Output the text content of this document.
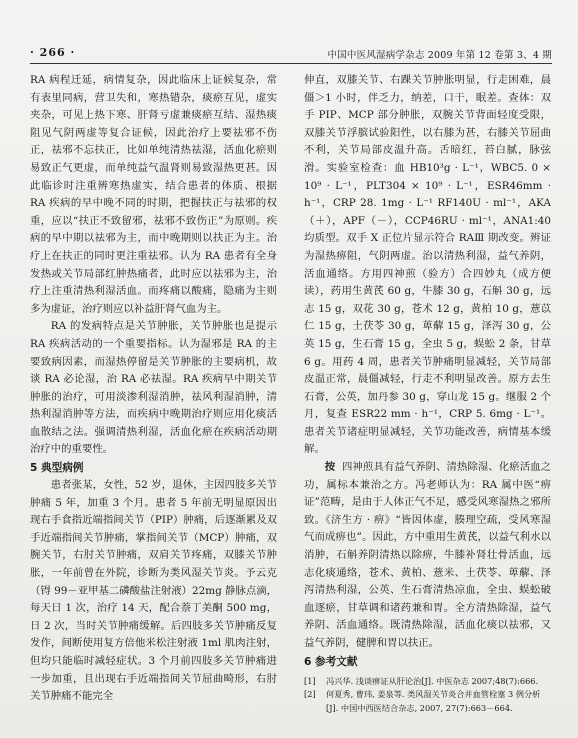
· 266 ·	中国中医风湿病学杂志 2009 年第 12 卷第 3、4 期

RA 病程迁延，病情复杂，因此临床上证候复杂，常有表里同病，营卫失和，寒热错杂，痰瘀互见，虚实夹杂，可见上热下寒、肝肾亏虚兼痰瘀互结、湿热痰阻见气阴两虚等复合证候，因此治疗上要祛邪不伤正，祛邪不忘扶正，比如单纯清热祛湿，活血化瘀则易致正气更虚，而单纯益气温肾则易致湿热更甚。因此临诊时注重辨寒热虚实，结合患者的体质、根据 RA 疾病的早中晚不同的时期，把握扶正与祛邪的权重，应以“扶正不致留邪，祛邪不致伤正”为原则。疾病的早中期以祛邪为主，而中晚期则以扶正为主。治疗上在扶正的同时更注重祛邪。认为 RA 患者有全身发热或关节局部红肿热痛者，此时应以祛邪为主，治疗上注重清热利湿活血。而疼痛以酸痛，隐痛为主则多为虚证，治疗则应以补益肝肾气血为主。

RA 的发病特点是关节肿胀，关节肿胀也是提示RA 疾病活动的一个重要指标。认为湿邪是 RA 的主要致病因素，而湿热停留是关节肿胀的主要病机，故谈 RA 必论湿，治 RA 必祛湿。RA 疾病早中期关节肿胀的治疗，可用淡渗利湿消肿，祛风利湿消肿，清热利湿消肿等方法，而疾病中晚期治疗则应用化痰活血散结之法。强调清热利湿，活血化瘀在疾病活动期治疗中的重要性。

5 典型病例

患者张某，女性，52 岁，退休，主因四肢多关节肿痛 5 年，加重 3 个月。患者 5 年前无明显原因出现右手食指近端指间关节（PIP）肿痛，后逐渐累及双手近端指间关节肿痛，掌指间关节（MCP）肿痛，双腕关节，右肘关节肿痛，双肩关节疼痛，双膝关节肿胀，一年前曾在外院，诊断为类风湿关节炎。予云克（锝 99－亚甲基二磷酸盐注射液）22mg 静脉点滴，每天日 1 次，治疗 14 天，配合萘丁美酮 500 mg，日 2 次，当时关节肿痛缓解。后四肢多关节肿痛反复发作，间断使用复方倍他米松注射液 1ml 肌肉注射，但均只能临时减轻症状。3 个月前四肢多关节肿痛进一步加重，且出现右手近端指间关节屈曲畸形，右肘关节肿痛不能完全

伸直，双膝关节、右踝关节肿胀明显，行走困难，晨僵＞1 小时，伴乏力，纳差，口干，眠差。查体：双手 PIP、MCP 部分肿胀，双腕关节背面轻度受限，双膝关节浮膑试验阳性，以右膝为甚，右膝关节屈曲不利，关节局部皮温升高。舌暗红，苔白腻，脉弦滑。实验室检查：血 HB10³g · L⁻¹，WBC5. 0 × 10⁹ · L⁻¹，PLT304 × 10⁹ · L⁻¹，ESR46mm · h⁻¹，CRP 28. 1mg · L⁻¹ RF140U · ml⁻¹，AKA（＋），APF（－），CCP46RU · ml⁻¹，ANA1:40 均质型。双手 X 正位片显示符合 RAⅢ 期改变。辨证为湿热痹阻，气阴两虚。治以清热利湿，益气养阴，活血通络。方用四神煎（验方）合四妙丸（成方便读），药用生黄芪 60 g，牛膝 30 g，石斛 30 g，远志 15 g，双花 30 g，苍术 12 g，黄柏 10 g，薏苡仁 15 g，土茯苓 30 g，萆薢 15 g，泽泻 30 g，公英 15 g，生石膏 15 g，全虫 5 g，蜈蚣 2 条，甘草 6 g。用药 4 周，患者关节肿痛明显减轻，关节局部皮温正常，晨僵减轻，行走不利明显改善。原方去生石膏，公英，加丹参 30 g，穿山龙 15 g。继服 2 个月，复查 ESR22 mm · h⁻¹，CRP 5. 6mg · L⁻¹。患者关节诸症明显减轻，关节功能改善，病情基本缓解。

按 四神煎具有益气养阴、清热除湿、化瘀活血之功，属标本兼治之方。冯老师认为：RA 属中医“痹证”范畴，是由于人体正气不足，感受风寒湿热之邪所致。《济生方 · 痹》“皆因体虚，腠理空疏，受风寒湿气而成痹也”。因此，方中重用生黄芪，以益气利水以消肿，石斛养阴清热以除痹，牛膝补肾壮骨活血，远志化痰通络，苍术、黄柏、薏米、土茯苓、萆薢、泽泻清热利湿，公英、生石膏清热凉血，全虫、蜈蚣破血逐瘀，甘草调和诸药兼和胃。全方清热除湿，益气养阴、活血通络。既清热除湿，活血化痰以祛邪，又益气养阴，健脾和胃以扶正。

6 参考文献
[1]	冯兴华. 浅谈痹证从肝论治[J]. 中医杂志 2007;48(7):666.
[2]	何夏秀, 曹玮, 姜泉等. 类风湿关节炎合并血管栓塞 3 例分析
[J]. 中国中西医结合杂志, 2007, 27(7):663－664.
